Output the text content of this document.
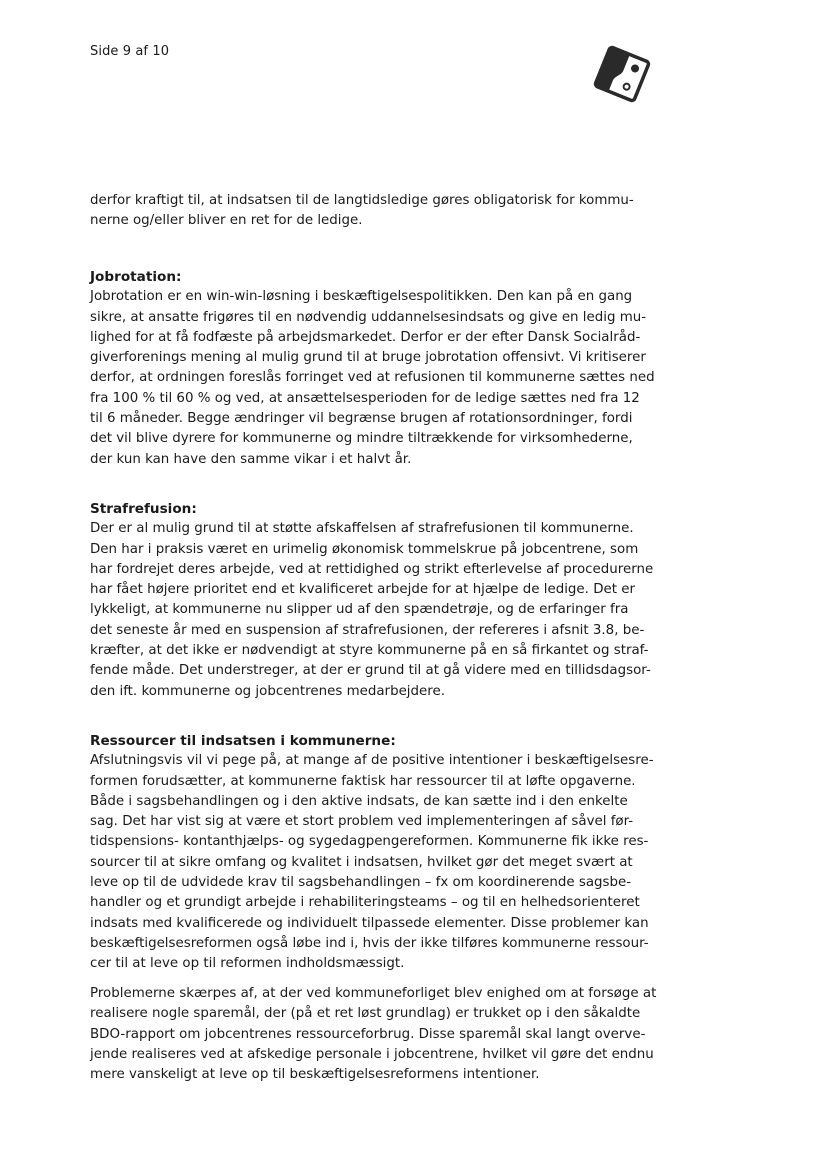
Side 9 af 10

derfor kraftigt til, at indsatsen til de langtidsledige gøres obligatorisk for kommu-
nerne og/eller bliver en ret for de ledige.

Jobrotation:

Jobrotation er en win-win-løsning i beskæftigelsespolitikken. Den kan på en gang
sikre, at ansatte frigøres til en nødvendig uddannelsesindsats og give en ledig mu-
lighed for at få fodfæste på arbejdsmarkedet. Derfor er der efter Dansk Socialråd-
giverforenings mening al mulig grund til at bruge jobrotation offensivt. Vi kritiserer
derfor, at ordningen foreslås forringet ved at refusionen til kommunerne sættes ned
fra 100 % til 60 % og ved, at ansættelsesperioden for de ledige sættes ned fra 12
til 6 måneder. Begge ændringer vil begrænse brugen af rotationsordninger, fordi
det vil blive dyrere for kommunerne og mindre tiltrækkende for virksomhederne,
der kun kan have den samme vikar i et halvt år.

Strafrefusion:

Der er al mulig grund til at støtte afskaffelsen af strafrefusionen til kommunerne.
Den har i praksis været en urimelig økonomisk tommelskrue på jobcentrene, som
har fordrejet deres arbejde, ved at rettidighed og strikt efterlevelse af procedurerne
har fået højere prioritet end et kvalificeret arbejde for at hjælpe de ledige. Det er
lykkeligt, at kommunerne nu slipper ud af den spændetrøje, og de erfaringer fra
det seneste år med en suspension af strafrefusionen, der refereres i afsnit 3.8, be-
kræfter, at det ikke er nødvendigt at styre kommunerne på en så firkantet og straf-
fende måde. Det understreger, at der er grund til at gå videre med en tillidsdagsor-
den ift. kommunerne og jobcentrenes medarbejdere.

Ressourcer til indsatsen i kommunerne:

Afslutningsvis vil vi pege på, at mange af de positive intentioner i beskæftigelsesre-
formen forudsætter, at kommunerne faktisk har ressourcer til at løfte opgaverne.
Både i sagsbehandlingen og i den aktive indsats, de kan sætte ind i den enkelte
sag. Det har vist sig at være et stort problem ved implementeringen af såvel før-
tidspensions- kontanthjælps- og sygedagpengereformen. Kommunerne fik ikke res-
sourcer til at sikre omfang og kvalitet i indsatsen, hvilket gør det meget svært at
leve op til de udvidede krav til sagsbehandlingen – fx om koordinerende sagsbe-
handler og et grundigt arbejde i rehabiliteringsteams – og til en helhedsorienteret
indsats med kvalificerede og individuelt tilpassede elementer. Disse problemer kan
beskæftigelsesreformen også løbe ind i, hvis der ikke tilføres kommunerne ressour-
cer til at leve op til reformen indholdsmæssigt.

Problemerne skærpes af, at der ved kommuneforliget blev enighed om at forsøge at
realisere nogle sparemål, der (på et ret løst grundlag) er trukket op i den såkaldte
BDO-rapport om jobcentrenes ressourceforbrug. Disse sparemål skal langt overve-
jende realiseres ved at afskedige personale i jobcentrene, hvilket vil gøre det endnu
mere vanskeligt at leve op til beskæftigelsesreformens intentioner.
